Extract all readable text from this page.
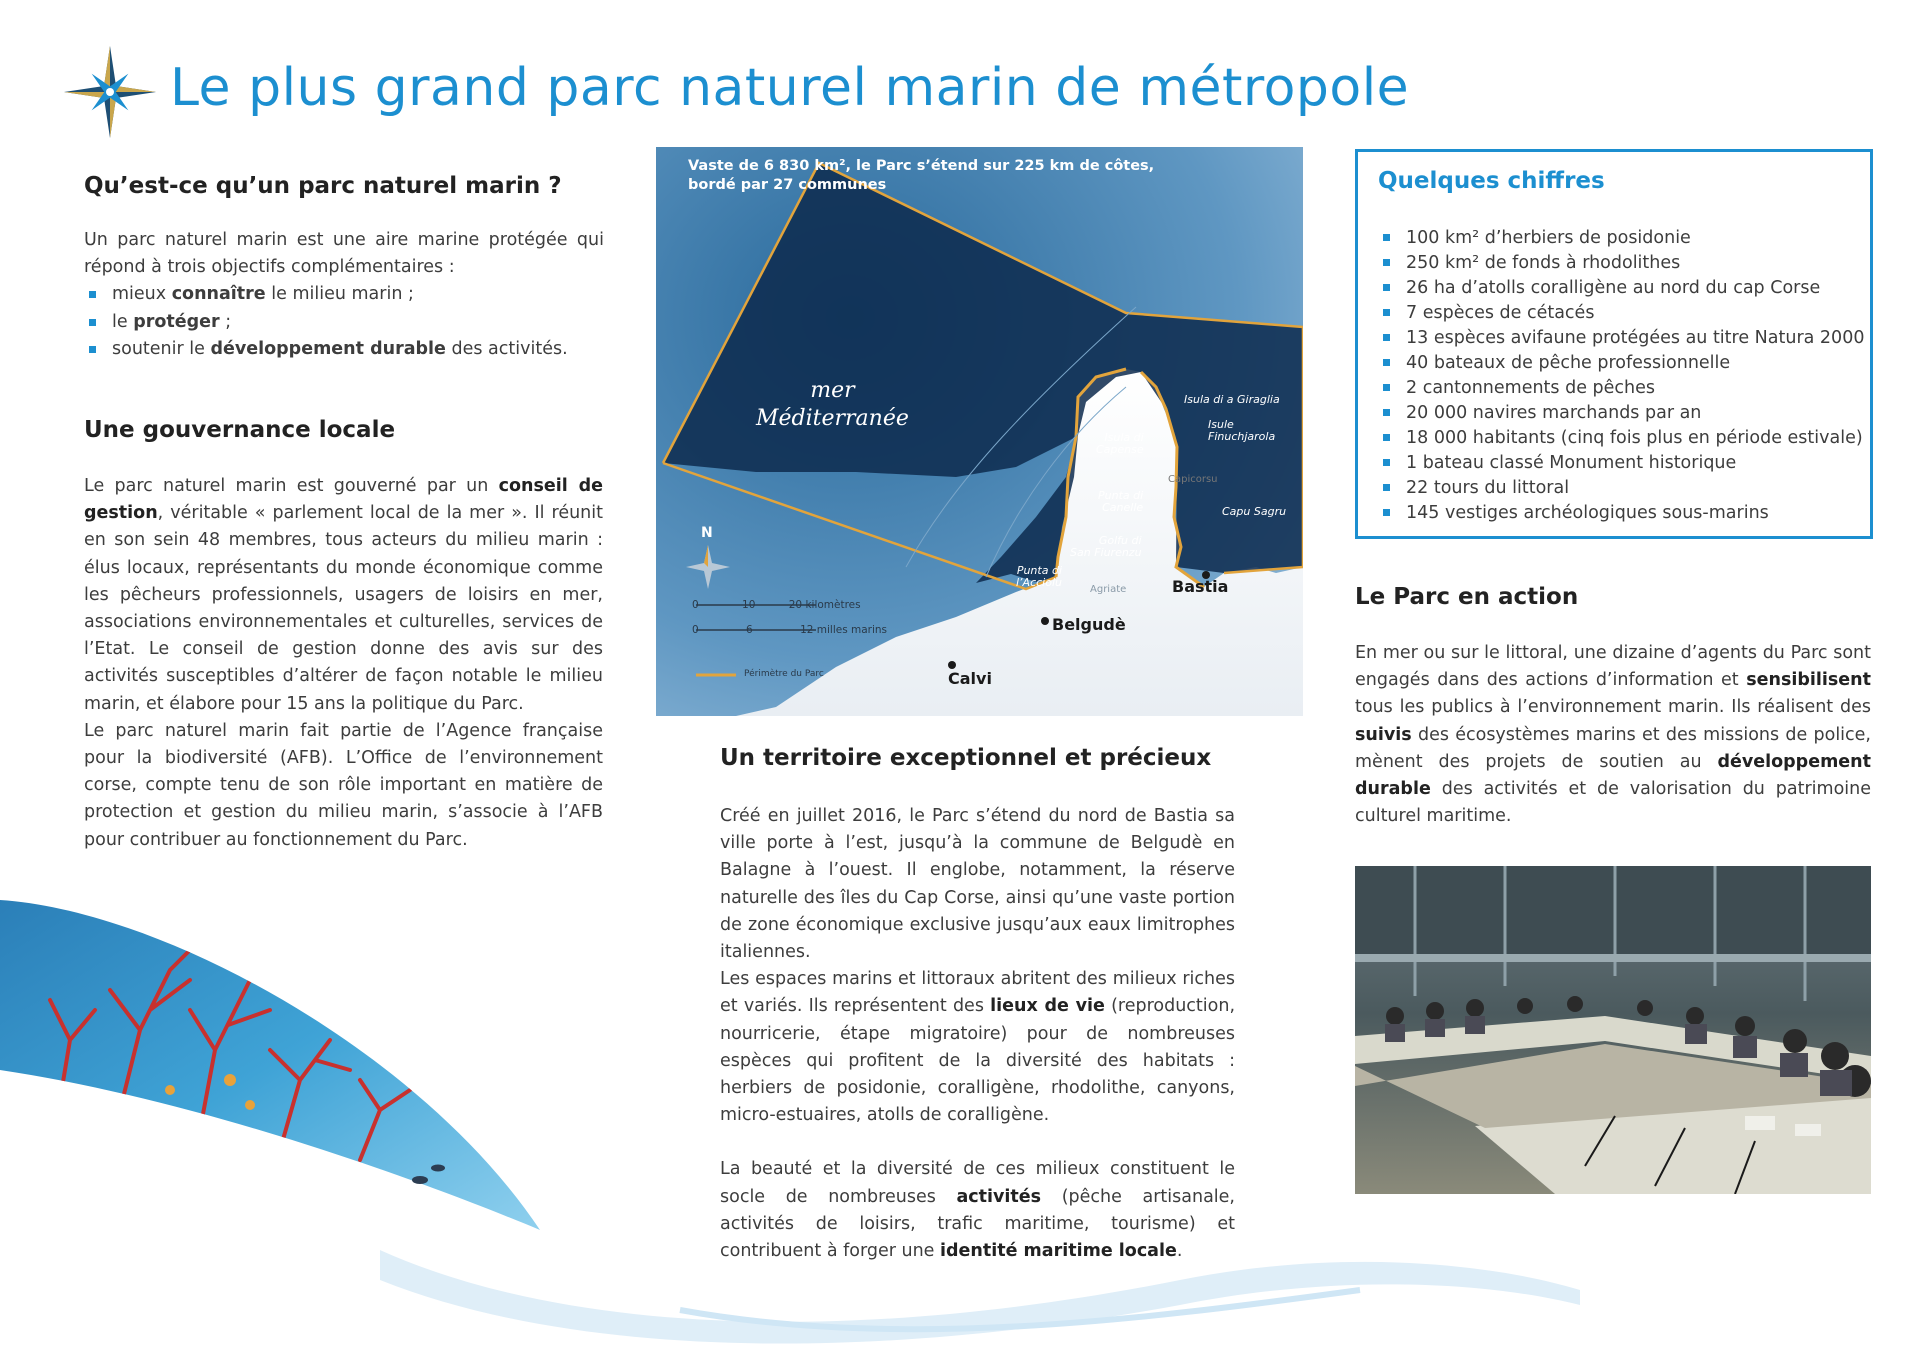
Le plus grand parc naturel marin de métropole
Qu’est-ce qu’un parc naturel marin ?

Un parc naturel marin est une aire marine protégée qui répond à trois objectifs complémentaires :

mieux connaître le milieu marin ;
le protéger ;
soutenir le développement durable des activités.
Une gouvernance locale

Le parc naturel marin est gouverné par un conseil de gestion, véritable « parlement local de la mer ». Il réunit en son sein 48 membres, tous acteurs du milieu marin : élus locaux, représentants du monde économique comme les pêcheurs professionnels, usagers de loisirs en mer, associations environnementales et culturelles, services de l’Etat. Le conseil de gestion donne des avis sur des activités susceptibles d’altérer de façon notable le milieu marin, et élabore pour 15 ans la politique du Parc.

Le parc naturel marin fait partie de l’Agence française pour la biodiversité (AFB). L’Office de l’environnement corse, compte tenu de son rôle important en matière de protection et gestion du milieu marin, s’associe à l’AFB pour contribuer au fonctionnement du Parc.

Vaste de 6 830 km², le Parc s’étend sur 225 km de côtes,
bordé par 27 communes
mer
Méditerranée
Isula di a Giraglia
Isule
Finuchjarola
Isula di
Capense
Capicorsu
Punta di
Canelle	Capu Sagru
Golfu di
San Fiurenzu
Punta di
l’Acciolu
Agriate	Bastia
Belgudè
Calvi
N
0	10	20 kilomètres
0	6	12 milles marins
Périmètre du Parc
Un territoire exceptionnel et précieux

Créé en juillet 2016, le Parc s’étend du nord de Bastia sa ville porte à l’est, jusqu’à la commune de Belgudè en Balagne à l’ouest. Il englobe, notamment, la réserve naturelle des îles du Cap Corse, ainsi qu’une vaste portion de zone économique exclusive jusqu’aux eaux limitrophes italiennes.

Les espaces marins et littoraux abritent des milieux riches et variés. Ils représentent des lieux de vie (reproduction, nourricerie, étape migratoire) pour de nombreuses espèces qui profitent de la diversité des habitats : herbiers de posidonie, coralligène, rhodolithe, canyons, micro-estuaires, atolls de coralligène.

La beauté et la diversité de ces milieux constituent le socle de nombreuses activités (pêche artisanale, activités de loisirs, trafic maritime, tourisme) et contribuent à forger une identité maritime locale.

Quelques chiffres
100 km² d’herbiers de posidonie
250 km² de fonds à rhodolithes
26 ha d’atolls coralligène au nord du cap Corse
7 espèces de cétacés
13 espèces avifaune protégées au titre Natura 2000
40 bateaux de pêche professionnelle
2 cantonnements de pêches
20 000 navires marchands par an
18 000 habitants (cinq fois plus en période estivale)
1 bateau classé Monument historique
22 tours du littoral
145 vestiges archéologiques sous-marins
Le Parc en action

En mer ou sur le littoral, une dizaine d’agents du Parc sont engagés dans des actions d’information et sensibilisent tous les publics à l’environnement marin. Ils réalisent des suivis des écosystèmes marins et des missions de police, mènent des projets de soutien au développement durable des activités et de valorisation du patrimoine culturel maritime.
